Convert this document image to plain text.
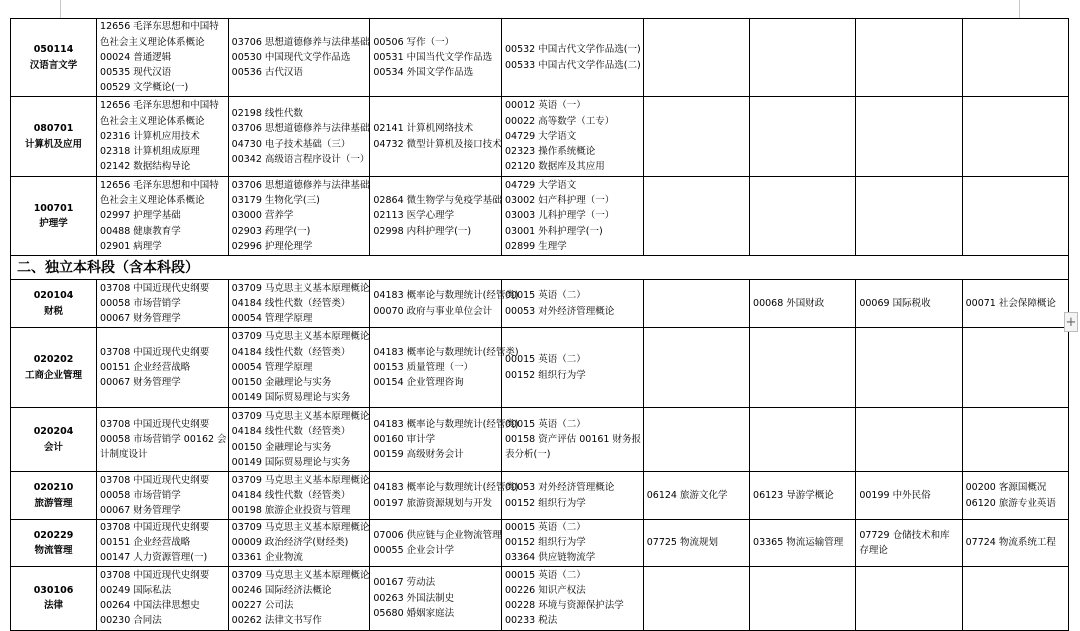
050114
汉语言文学	12656 毛泽东思想和中国特
色社会主义理论体系概论
00024 普通逻辑
00535 现代汉语
00529 文学概论(一)	03706 思想道德修养与法律基础
00530 中国现代文学作品选
00536 古代汉语	00506 写作（一）
00531 中国当代文学作品选
00534 外国文学作品选	00532 中国古代文学作品选(一)
00533 中国古代文学作品选(二)				

080701
计算机及应用	12656 毛泽东思想和中国特
色社会主义理论体系概论
02316 计算机应用技术
02318 计算机组成原理
02142 数据结构导论	02198 线性代数
03706 思想道德修养与法律基础
04730 电子技术基础（三）
00342 高级语言程序设计（一）	02141 计算机网络技术
04732 微型计算机及接口技术	00012 英语（一）
00022 高等数学（工专）
04729 大学语文
02323 操作系统概论
02120 数据库及其应用				

100701
护理学	12656 毛泽东思想和中国特
色社会主义理论体系概论
02997 护理学基础
00488 健康教育学
02901 病理学	03706 思想道德修养与法律基础
03179 生物化学(三)
03000 营养学
02903 药理学(一)
02996 护理伦理学	02864 微生物学与免疫学基础
02113 医学心理学
02998 内科护理学(一)	04729 大学语文
03002 妇产科护理（一）
03003 儿科护理学（一）
03001 外科护理学(一)
02899 生理学				

二、独立本科段（含本科段）								

020104
财税	03708 中国近现代史纲要
00058 市场营销学
00067 财务管理学	03709 马克思主义基本原理概论
04184 线性代数（经管类）
00054 管理学原理	04183 概率论与数理统计(经管类)
00070 政府与事业单位会计	00015 英语（二）
00053 对外经济管理概论		00068 外国财政	00069 国际税收	00071 社会保障概论

020202
工商企业管理	03708 中国近现代史纲要
00151 企业经营战略
00067 财务管理学	03709 马克思主义基本原理概论
04184 线性代数（经管类）
00054 管理学原理
00150 金融理论与实务
00149 国际贸易理论与实务	04183 概率论与数理统计(经管类)
00153 质量管理（一）
00154 企业管理咨询	00015 英语（二）
00152 组织行为学				

020204
会计	03708 中国近现代史纲要
00058 市场营销学 00162 会
计制度设计	03709 马克思主义基本原理概论
04184 线性代数（经管类）
00150 金融理论与实务
00149 国际贸易理论与实务	04183 概率论与数理统计(经管类)
00160 审计学
00159 高级财务会计	00015 英语（二）
00158 资产评估 00161 财务报
表分析(一)				

020210
旅游管理	03708 中国近现代史纲要
00058 市场营销学
00067 财务管理学	03709 马克思主义基本原理概论
04184 线性代数（经管类）
00198 旅游企业投资与管理	04183 概率论与数理统计(经管类)
00197 旅游资源规划与开发	00053 对外经济管理概论
00152 组织行为学	06124 旅游文化学	06123 导游学概论	00199 中外民俗	00200 客源国概况
06120 旅游专业英语

020229
物流管理	03708 中国近现代史纲要
00151 企业经营战略
00147 人力资源管理(一)	03709 马克思主义基本原理概论
00009 政治经济学(财经类)
03361 企业物流	07006 供应链与企业物流管理
00055 企业会计学	00015 英语（二）
00152 组织行为学
03364 供应链物流学	07725 物流规划	03365 物流运输管理	07729 仓储技术和库
存理论	07724 物流系统工程

030106
法律	03708 中国近现代史纲要
00249 国际私法
00264 中国法律思想史
00230 合同法	03709 马克思主义基本原理概论
00246 国际经济法概论
00227 公司法
00262 法律文书写作	00167 劳动法
00263 外国法制史
05680 婚姻家庭法	00015 英语（二）
00226 知识产权法
00228 环境与资源保护法学
00233 税法				

+
